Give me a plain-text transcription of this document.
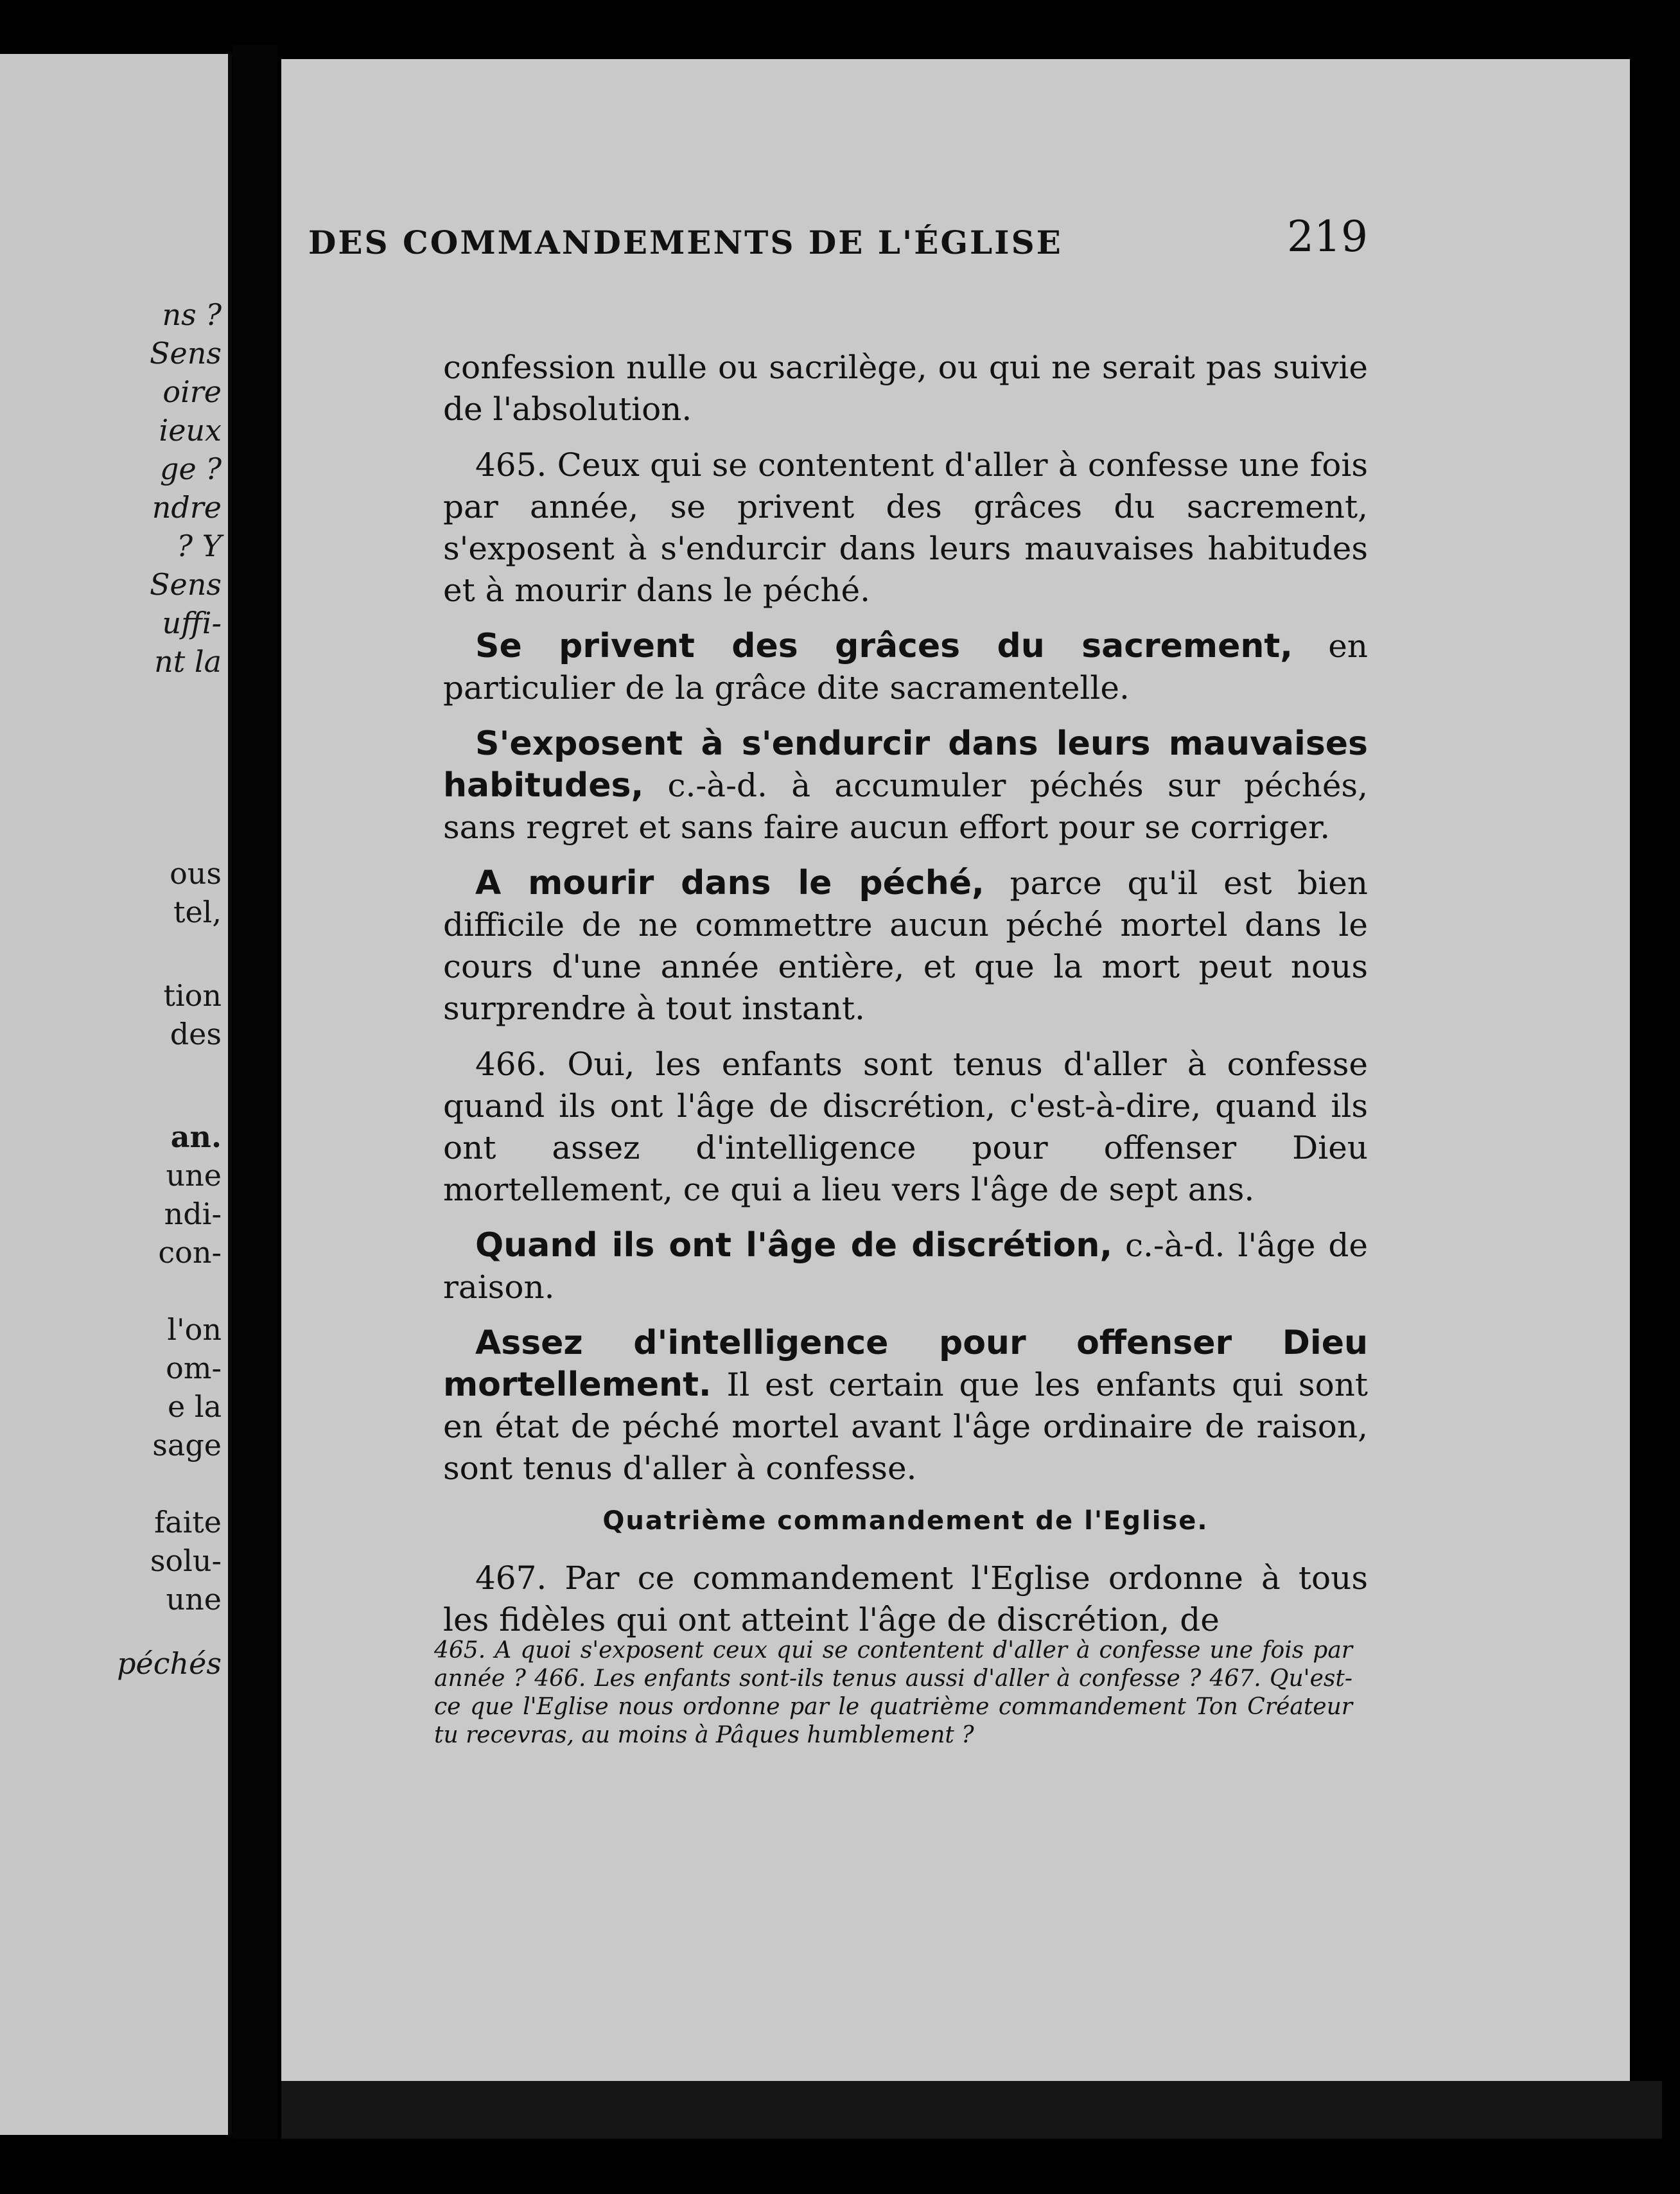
ns ?
Sens
oire
ieux
ge ?
ndre
? Y
Sens
uffi-
nt la
ous
tel,
tion
des
an.
une
ndi-
con-
l'on
om-
e la
sage
faite
solu-
une
péchés
DES COMMANDEMENTS DE L'ÉGLISE	219

confession nulle ou sacrilège, ou qui ne serait pas suivie de l'absolution.

465. Ceux qui se contentent d'aller à confesse une fois par année, se privent des grâces du sacrement, s'exposent à s'endurcir dans leurs mauvaises habitudes et à mourir dans le péché.

Se privent des grâces du sacrement, en particulier de la grâce dite sacramentelle.

S'exposent à s'endurcir dans leurs mauvaises habitudes, c.-à-d. à accumuler péchés sur péchés, sans regret et sans faire aucun effort pour se corriger.

A mourir dans le péché, parce qu'il est bien difficile de ne commettre aucun péché mortel dans le cours d'une année entière, et que la mort peut nous surprendre à tout instant.

466. Oui, les enfants sont tenus d'aller à confesse quand ils ont l'âge de discrétion, c'est-à-dire, quand ils ont assez d'intelligence pour offenser Dieu mortellement, ce qui a lieu vers l'âge de sept ans.

Quand ils ont l'âge de discrétion, c.-à-d. l'âge de raison.

Assez d'intelligence pour offenser Dieu mortellement. Il est certain que les enfants qui sont en état de péché mortel avant l'âge ordinaire de raison, sont tenus d'aller à confesse.

Quatrième commandement de l'Eglise.

467. Par ce commandement l'Eglise ordonne à tous les fidèles qui ont atteint l'âge de discrétion, de

465. A quoi s'exposent ceux qui se contentent d'aller à confesse une fois par année ? 466. Les enfants sont-ils tenus aussi d'aller à confesse ? 467. Qu'est-ce que l'Eglise nous ordonne par le quatrième commandement Ton Créateur tu recevras, au moins à Pâques humblement ?
